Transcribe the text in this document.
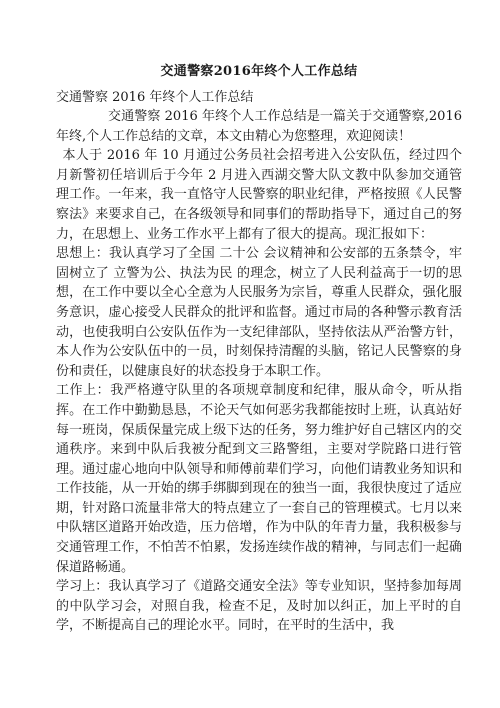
交通警察2016年终个人工作总结

交通警察 2016 年终个人工作总结

交通警察 2016 年终个人工作总结是一篇关于交通警察,2016 年终,个人工作总结的文章，本文由精心为您整理，欢迎阅读！

本人于 2016 年 10 月通过公务员社会招考进入公安队伍，经过四个月新警初任培训后于今年 2 月进入西湖交警大队文教中队参加交通管理工作。一年来，我一直恪守人民警察的职业纪律，严格按照《人民警察法》来要求自己，在各级领导和同事们的帮助指导下，通过自己的努力，在思想上、业务工作水平上都有了很大的提高。现汇报如下：

思想上：我认真学习了全国 二十公 会议精神和公安部的五条禁令，牢固树立了 立警为公、执法为民 的理念，树立了人民利益高于一切的思想，在工作中要以全心全意为人民服务为宗旨，尊重人民群众，强化服务意识，虚心接受人民群众的批评和监督。通过市局的各种警示教育活动，也使我明白公安队伍作为一支纪律部队，坚持依法从严治警方针，本人作为公安队伍中的一员，时刻保持清醒的头脑，铭记人民警察的身份和责任，以健康良好的状态投身于本职工作。

工作上：我严格遵守队里的各项规章制度和纪律，服从命令，听从指挥。在工作中勤勤恳恳，不论天气如何恶劣我都能按时上班，认真站好每一班岗，保质保量完成上级下达的任务，努力维护好自己辖区内的交通秩序。来到中队后我被分配到文三路警组，主要对学院路口进行管理。通过虚心地向中队领导和师傅前辈们学习，向他们请教业务知识和工作技能，从一开始的绑手绑脚到现在的独当一面，我很快度过了适应期，针对路口流量非常大的特点建立了一套自己的管理模式。七月以来中队辖区道路开始改造，压力倍增，作为中队的年青力量，我积极参与交通管理工作，不怕苦不怕累，发扬连续作战的精神，与同志们一起确保道路畅通。

学习上：我认真学习了《道路交通安全法》等专业知识，坚持参加每周的中队学习会，对照自我，检查不足，及时加以纠正，加上平时的自学，不断提高自己的理论水平。同时，在平时的生活中，我
